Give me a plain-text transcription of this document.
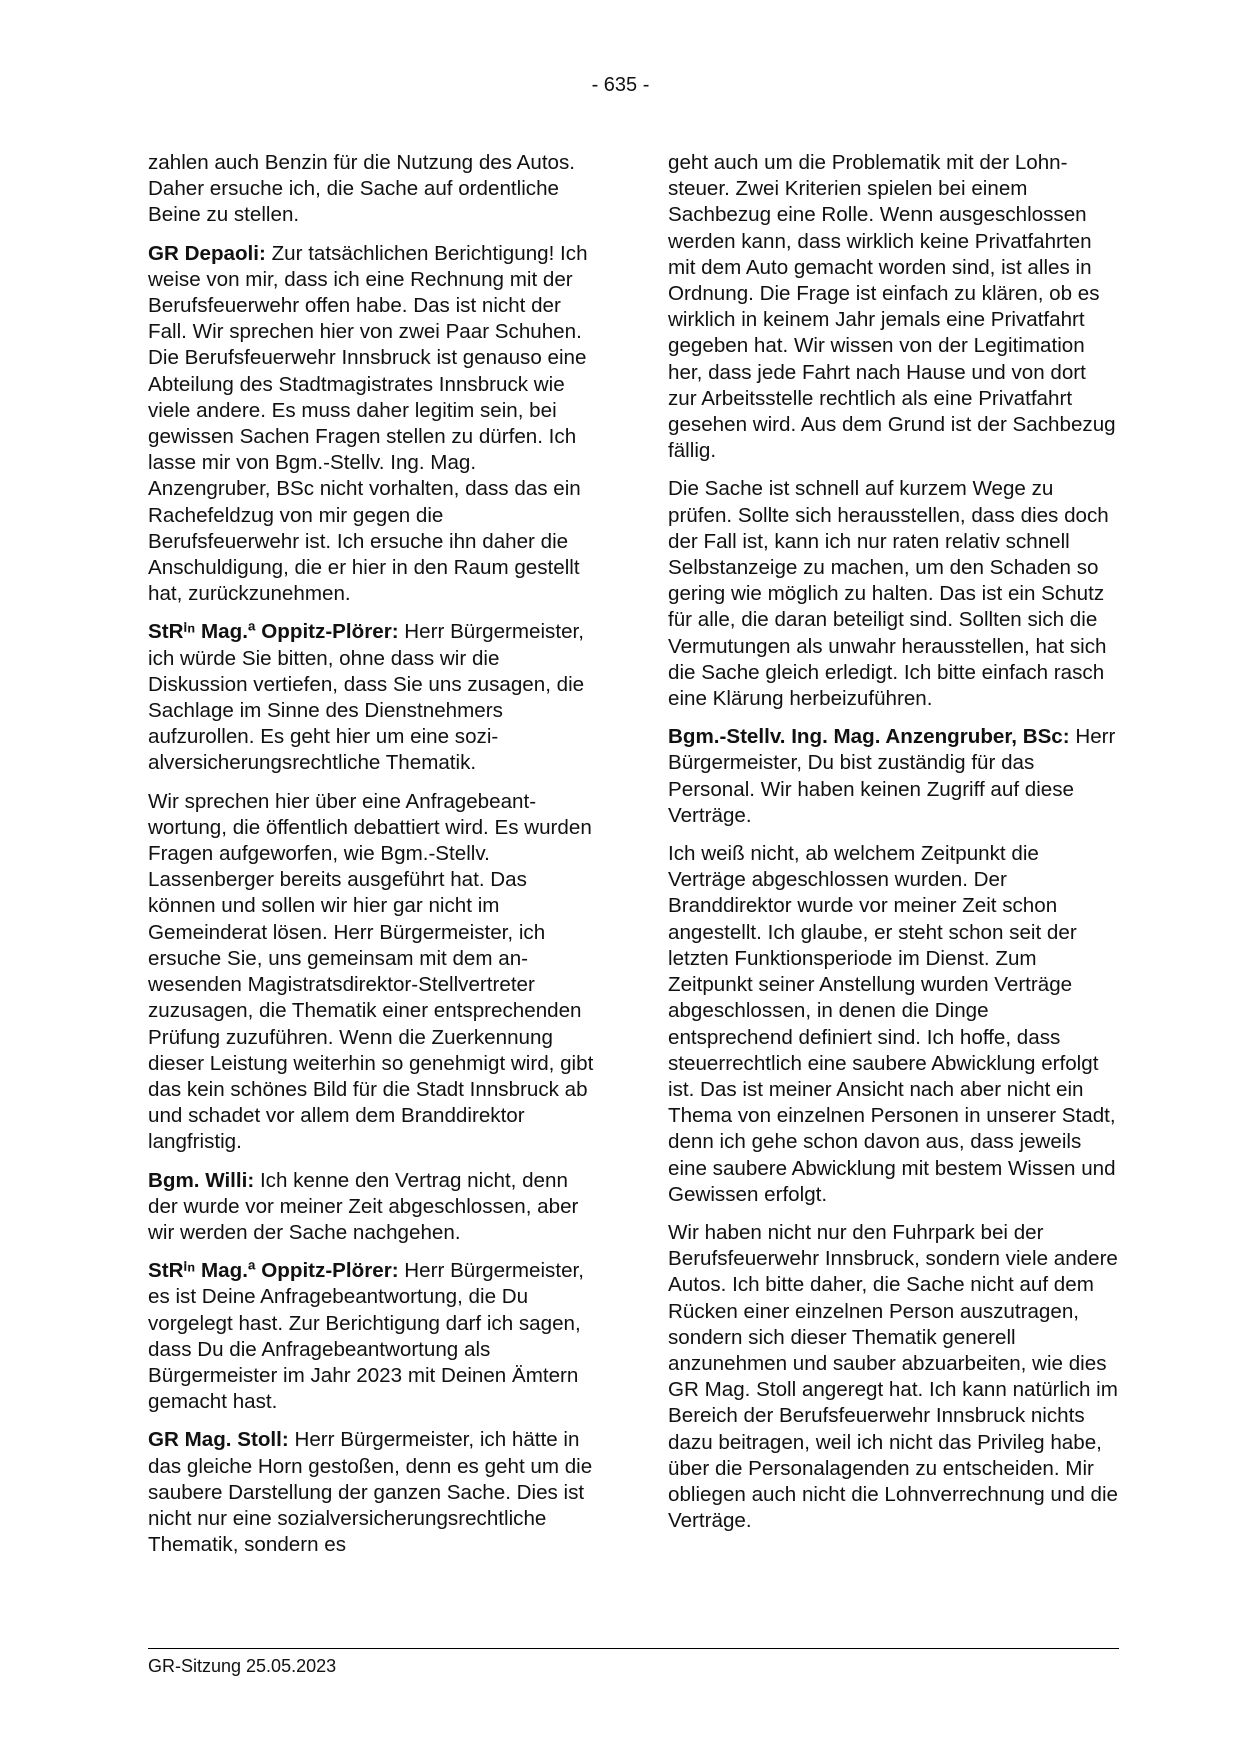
- 635 -

zahlen auch Benzin für die Nutzung des Autos. Daher ersuche ich, die Sache auf ordentliche Beine zu stellen.

GR Depaoli: Zur tatsächlichen Berichtigung! Ich weise von mir, dass ich eine Rechnung mit der Berufsfeuerwehr offen habe. Das ist nicht der Fall. Wir sprechen hier von zwei Paar Schuhen. Die Berufsfeuerwehr Innsbruck ist genauso eine Abteilung des Stadtmagistrates Innsbruck wie viele andere. Es muss daher legitim sein, bei gewissen Sachen Fragen stellen zu dürfen. Ich lasse mir von Bgm.-Stellv. Ing. Mag. Anzengruber, BSc nicht vorhalten, dass das ein Rachefeldzug von mir gegen die Berufsfeuerwehr ist. Ich ersuche ihn daher die Anschuldigung, die er hier in den Raum gestellt hat, zurückzunehmen.

StRⁱⁿ Mag.ª Oppitz-Plörer: Herr Bürgermeister, ich würde Sie bitten, ohne dass wir die Diskussion vertiefen, dass Sie uns zusagen, die Sachlage im Sinne des Dienstnehmers aufzurollen. Es geht hier um eine sozialversicherungsrechtliche Thematik.

Wir sprechen hier über eine Anfragebeantwortung, die öffentlich debattiert wird. Es wurden Fragen aufgeworfen, wie Bgm.-Stellv. Lassenberger bereits ausgeführt hat. Das können und sollen wir hier gar nicht im Gemeinderat lösen. Herr Bürgermeister, ich ersuche Sie, uns gemeinsam mit dem anwesenden Magistratsdirektor-Stellvertreter zuzusagen, die Thematik einer entsprechenden Prüfung zuzuführen. Wenn die Zuerkennung dieser Leistung weiterhin so genehmigt wird, gibt das kein schönes Bild für die Stadt Innsbruck ab und schadet vor allem dem Branddirektor langfristig.

Bgm. Willi: Ich kenne den Vertrag nicht, denn der wurde vor meiner Zeit abgeschlossen, aber wir werden der Sache nachgehen.

StRⁱⁿ Mag.ª Oppitz-Plörer: Herr Bürgermeister, es ist Deine Anfragebeantwortung, die Du vorgelegt hast. Zur Berichtigung darf ich sagen, dass Du die Anfragebeantwortung als Bürgermeister im Jahr 2023 mit Deinen Ämtern gemacht hast.

GR Mag. Stoll: Herr Bürgermeister, ich hätte in das gleiche Horn gestoßen, denn es geht um die saubere Darstellung der ganzen Sache. Dies ist nicht nur eine sozialversicherungsrechtliche Thematik, sondern es

geht auch um die Problematik mit der Lohnsteuer. Zwei Kriterien spielen bei einem Sachbezug eine Rolle. Wenn ausgeschlossen werden kann, dass wirklich keine Privatfahrten mit dem Auto gemacht worden sind, ist alles in Ordnung. Die Frage ist einfach zu klären, ob es wirklich in keinem Jahr jemals eine Privatfahrt gegeben hat. Wir wissen von der Legitimation her, dass jede Fahrt nach Hause und von dort zur Arbeitsstelle rechtlich als eine Privatfahrt gesehen wird. Aus dem Grund ist der Sachbezug fällig.

Die Sache ist schnell auf kurzem Wege zu prüfen. Sollte sich herausstellen, dass dies doch der Fall ist, kann ich nur raten relativ schnell Selbstanzeige zu machen, um den Schaden so gering wie möglich zu halten. Das ist ein Schutz für alle, die daran beteiligt sind. Sollten sich die Vermutungen als unwahr herausstellen, hat sich die Sache gleich erledigt. Ich bitte einfach rasch eine Klärung herbeizuführen.

Bgm.-Stellv. Ing. Mag. Anzengruber, BSc: Herr Bürgermeister, Du bist zuständig für das Personal. Wir haben keinen Zugriff auf diese Verträge.

Ich weiß nicht, ab welchem Zeitpunkt die Verträge abgeschlossen wurden. Der Branddirektor wurde vor meiner Zeit schon angestellt. Ich glaube, er steht schon seit der letzten Funktionsperiode im Dienst. Zum Zeitpunkt seiner Anstellung wurden Verträge abgeschlossen, in denen die Dinge entsprechend definiert sind. Ich hoffe, dass steuerrechtlich eine saubere Abwicklung erfolgt ist. Das ist meiner Ansicht nach aber nicht ein Thema von einzelnen Personen in unserer Stadt, denn ich gehe schon davon aus, dass jeweils eine saubere Abwicklung mit bestem Wissen und Gewissen erfolgt.

Wir haben nicht nur den Fuhrpark bei der Berufsfeuerwehr Innsbruck, sondern viele andere Autos. Ich bitte daher, die Sache nicht auf dem Rücken einer einzelnen Person auszutragen, sondern sich dieser Thematik generell anzunehmen und sauber abzuarbeiten, wie dies GR Mag. Stoll angeregt hat. Ich kann natürlich im Bereich der Berufsfeuerwehr Innsbruck nichts dazu beitragen, weil ich nicht das Privileg habe, über die Personalagenden zu entscheiden. Mir obliegen auch nicht die Lohnverrechnung und die Verträge.

GR-Sitzung 25.05.2023
